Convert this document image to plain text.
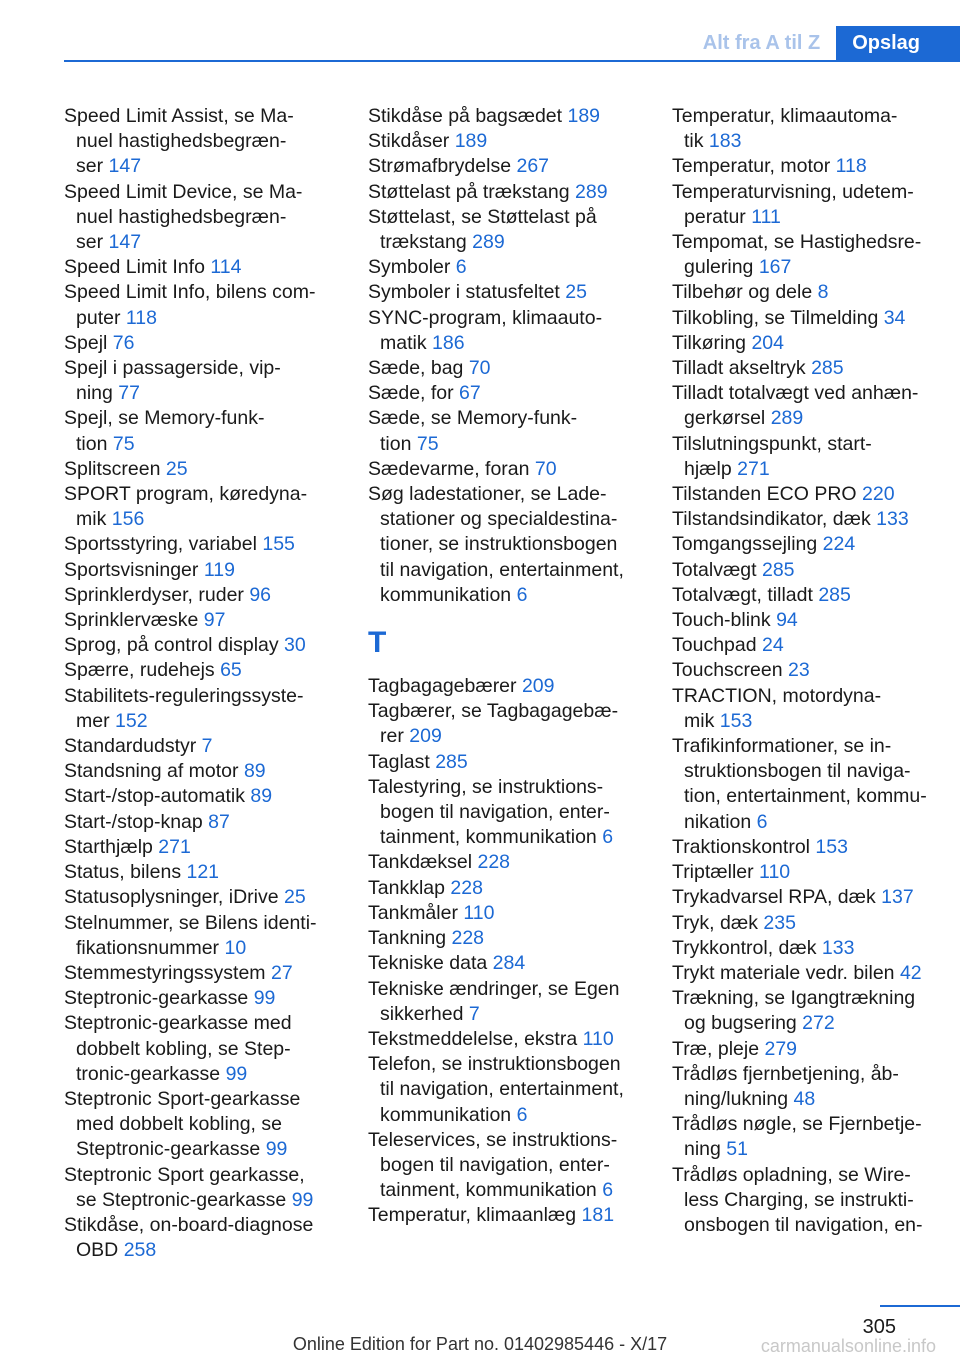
Alt fra A til Z	Opslag
Speed Limit Assist, se Ma-
nuel hastighedsbegræn-
ser 147
Speed Limit Device, se Ma-
nuel hastighedsbegræn-
ser 147
Speed Limit Info 114
Speed Limit Info, bilens com-
puter 118
Spejl 76
Spejl i passagerside, vip-
ning 77
Spejl, se Memory-funk-
tion 75
Splitscreen 25
SPORT program, køredyna-
mik 156
Sportsstyring, variabel 155
Sportsvisninger 119
Sprinklerdyser, ruder 96
Sprinklervæske 97
Sprog, på control display 30
Spærre, rudehejs 65
Stabilitets-reguleringssyste-
mer 152
Standardudstyr 7
Standsning af motor 89
Start-/stop-automatik 89
Start-/stop-knap 87
Starthjælp 271
Status, bilens 121
Statusoplysninger, iDrive 25
Stelnummer, se Bilens identi-
fikationsnummer 10
Stemmestyringssystem 27
Steptronic-gearkasse 99
Steptronic-gearkasse med
dobbelt kobling, se Step-
tronic-gearkasse 99
Steptronic Sport-gearkasse
med dobbelt kobling, se
Steptronic-gearkasse 99
Steptronic Sport gearkasse,
se Steptronic-gearkasse 99
Stikdåse, on-board-diagnose
OBD 258
Stikdåse på bagsædet 189
Stikdåser 189
Strømafbrydelse 267
Støttelast på trækstang 289
Støttelast, se Støttelast på
trækstang 289
Symboler 6
Symboler i statusfeltet 25
SYNC-program, klimaauto-
matik 186
Sæde, bag 70
Sæde, for 67
Sæde, se Memory-funk-
tion 75
Sædevarme, foran 70
Søg ladestationer, se Lade-
stationer og specialdestina-
tioner, se instruktionsbogen
til navigation, entertainment,
kommunikation 6
T
Tagbagagebærer 209
Tagbærer, se Tagbagagebæ-
rer 209
Taglast 285
Talestyring, se instruktions-
bogen til navigation, enter-
tainment, kommunikation 6
Tankdæksel 228
Tankklap 228
Tankmåler 110
Tankning 228
Tekniske data 284
Tekniske ændringer, se Egen
sikkerhed 7
Tekstmeddelelse, ekstra 110
Telefon, se instruktionsbogen
til navigation, entertainment,
kommunikation 6
Teleservices, se instruktions-
bogen til navigation, enter-
tainment, kommunikation 6
Temperatur, klimaanlæg 181
Temperatur, klimaautoma-
tik 183
Temperatur, motor 118
Temperaturvisning, udetem-
peratur 111
Tempomat, se Hastighedsre-
gulering 167
Tilbehør og dele 8
Tilkobling, se Tilmelding 34
Tilkøring 204
Tilladt akseltryk 285
Tilladt totalvægt ved anhæn-
gerkørsel 289
Tilslutningspunkt, start-
hjælp 271
Tilstanden ECO PRO 220
Tilstandsindikator, dæk 133
Tomgangssejling 224
Totalvægt 285
Totalvægt, tilladt 285
Touch-blink 94
Touchpad 24
Touchscreen 23
TRACTION, motordyna-
mik 153
Trafikinformationer, se in-
struktionsbogen til naviga-
tion, entertainment, kommu-
nikation 6
Traktionskontrol 153
Triptæller 110
Trykadvarsel RPA, dæk 137
Tryk, dæk 235
Trykkontrol, dæk 133
Trykt materiale vedr. bilen 42
Trækning, se Igangtrækning
og bugsering 272
Træ, pleje 279
Trådløs fjernbetjening, åb-
ning/lukning 48
Trådløs nøgle, se Fjernbetje-
ning 51
Trådløs opladning, se Wire-
less Charging, se instrukti-
onsbogen til navigation, en-
305
Online Edition for Part no. 01402985446 - X/17	carmanualsonline.info
